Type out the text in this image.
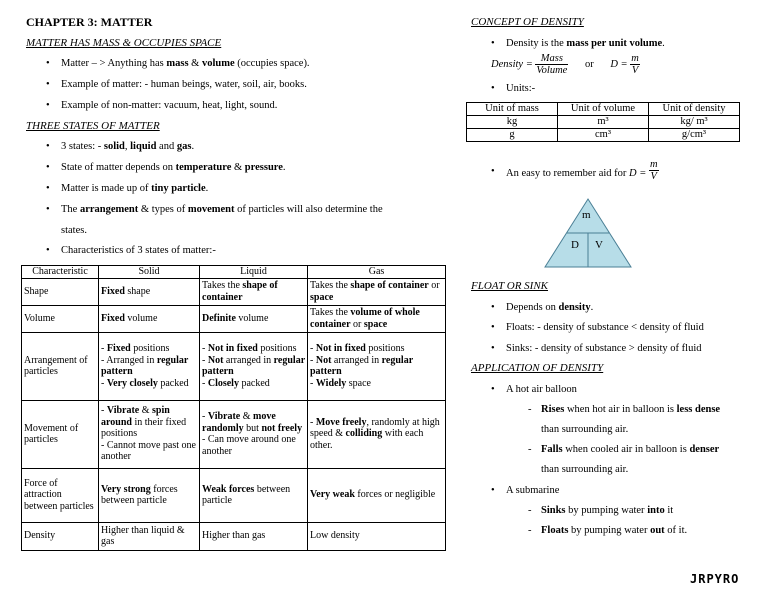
CHAPTER 3: MATTER
MATTER HAS MASS & OCCUPIES SPACE
• Matter – > Anything has mass & volume (occupies space).
• Example of matter: - human beings, water, soil, air, books.
• Example of non-matter: vacuum, heat, light, sound.
THREE STATES OF MATTER
• 3 states: - solid, liquid and gas.
• State of matter depends on temperature & pressure.
• Matter is made up of tiny particle.
• The arrangement & types of movement of particles will also determine the
states.
• Characteristics of 3 states of matter:-
Characteristic	Solid	Liquid	Gas
Shape	Fixed shape	Takes the shape of container	Takes the shape of container or space
Volume	Fixed volume	Definite volume	Takes the volume of whole container or space
Arrangement of particles	- Fixed positions
- Arranged in regular pattern
- Very closely packed	- Not in fixed positions
- Not arranged in regular pattern
- Closely packed	- Not in fixed positions
- Not arranged in regular pattern
- Widely space
Movement of particles	- Vibrate & spin around in their fixed positions
- Cannot move past one another	- Vibrate & move randomly but not freely
- Can move around one another	- Move freely, randomly at high speed & colliding with each other.
Force of attraction between particles	Very strong forces between particle	Weak forces between particle	Very weak forces or negligible
Density	Higher than liquid & gas	Higher than gas	Low density
CONCEPT OF DENSITY
• Density is the mass per unit volume.
Density = $\frac{\text{Mass}}{\text{Volume}}$ or $D = \frac{m}{V}$
• Units:-
Unit of mass	Unit of volume	Unit of density
kg	m³	kg/ m³
g	cm³	g/cm³
• An easy to remember aid for $D = \frac{m}{V}$
m
D V
FLOAT OR SINK
• Depends on density.
• Floats: - density of substance < density of fluid
• Sinks: - density of substance > density of fluid
APPLICATION OF DENSITY
• A hot air balloon
- Rises when hot air in balloon is less dense
than surrounding air.
- Falls when cooled air in balloon is denser
than surrounding air.
• A submarine
- Sinks by pumping water into it
- Floats by pumping water out of it.
JRPYRO
